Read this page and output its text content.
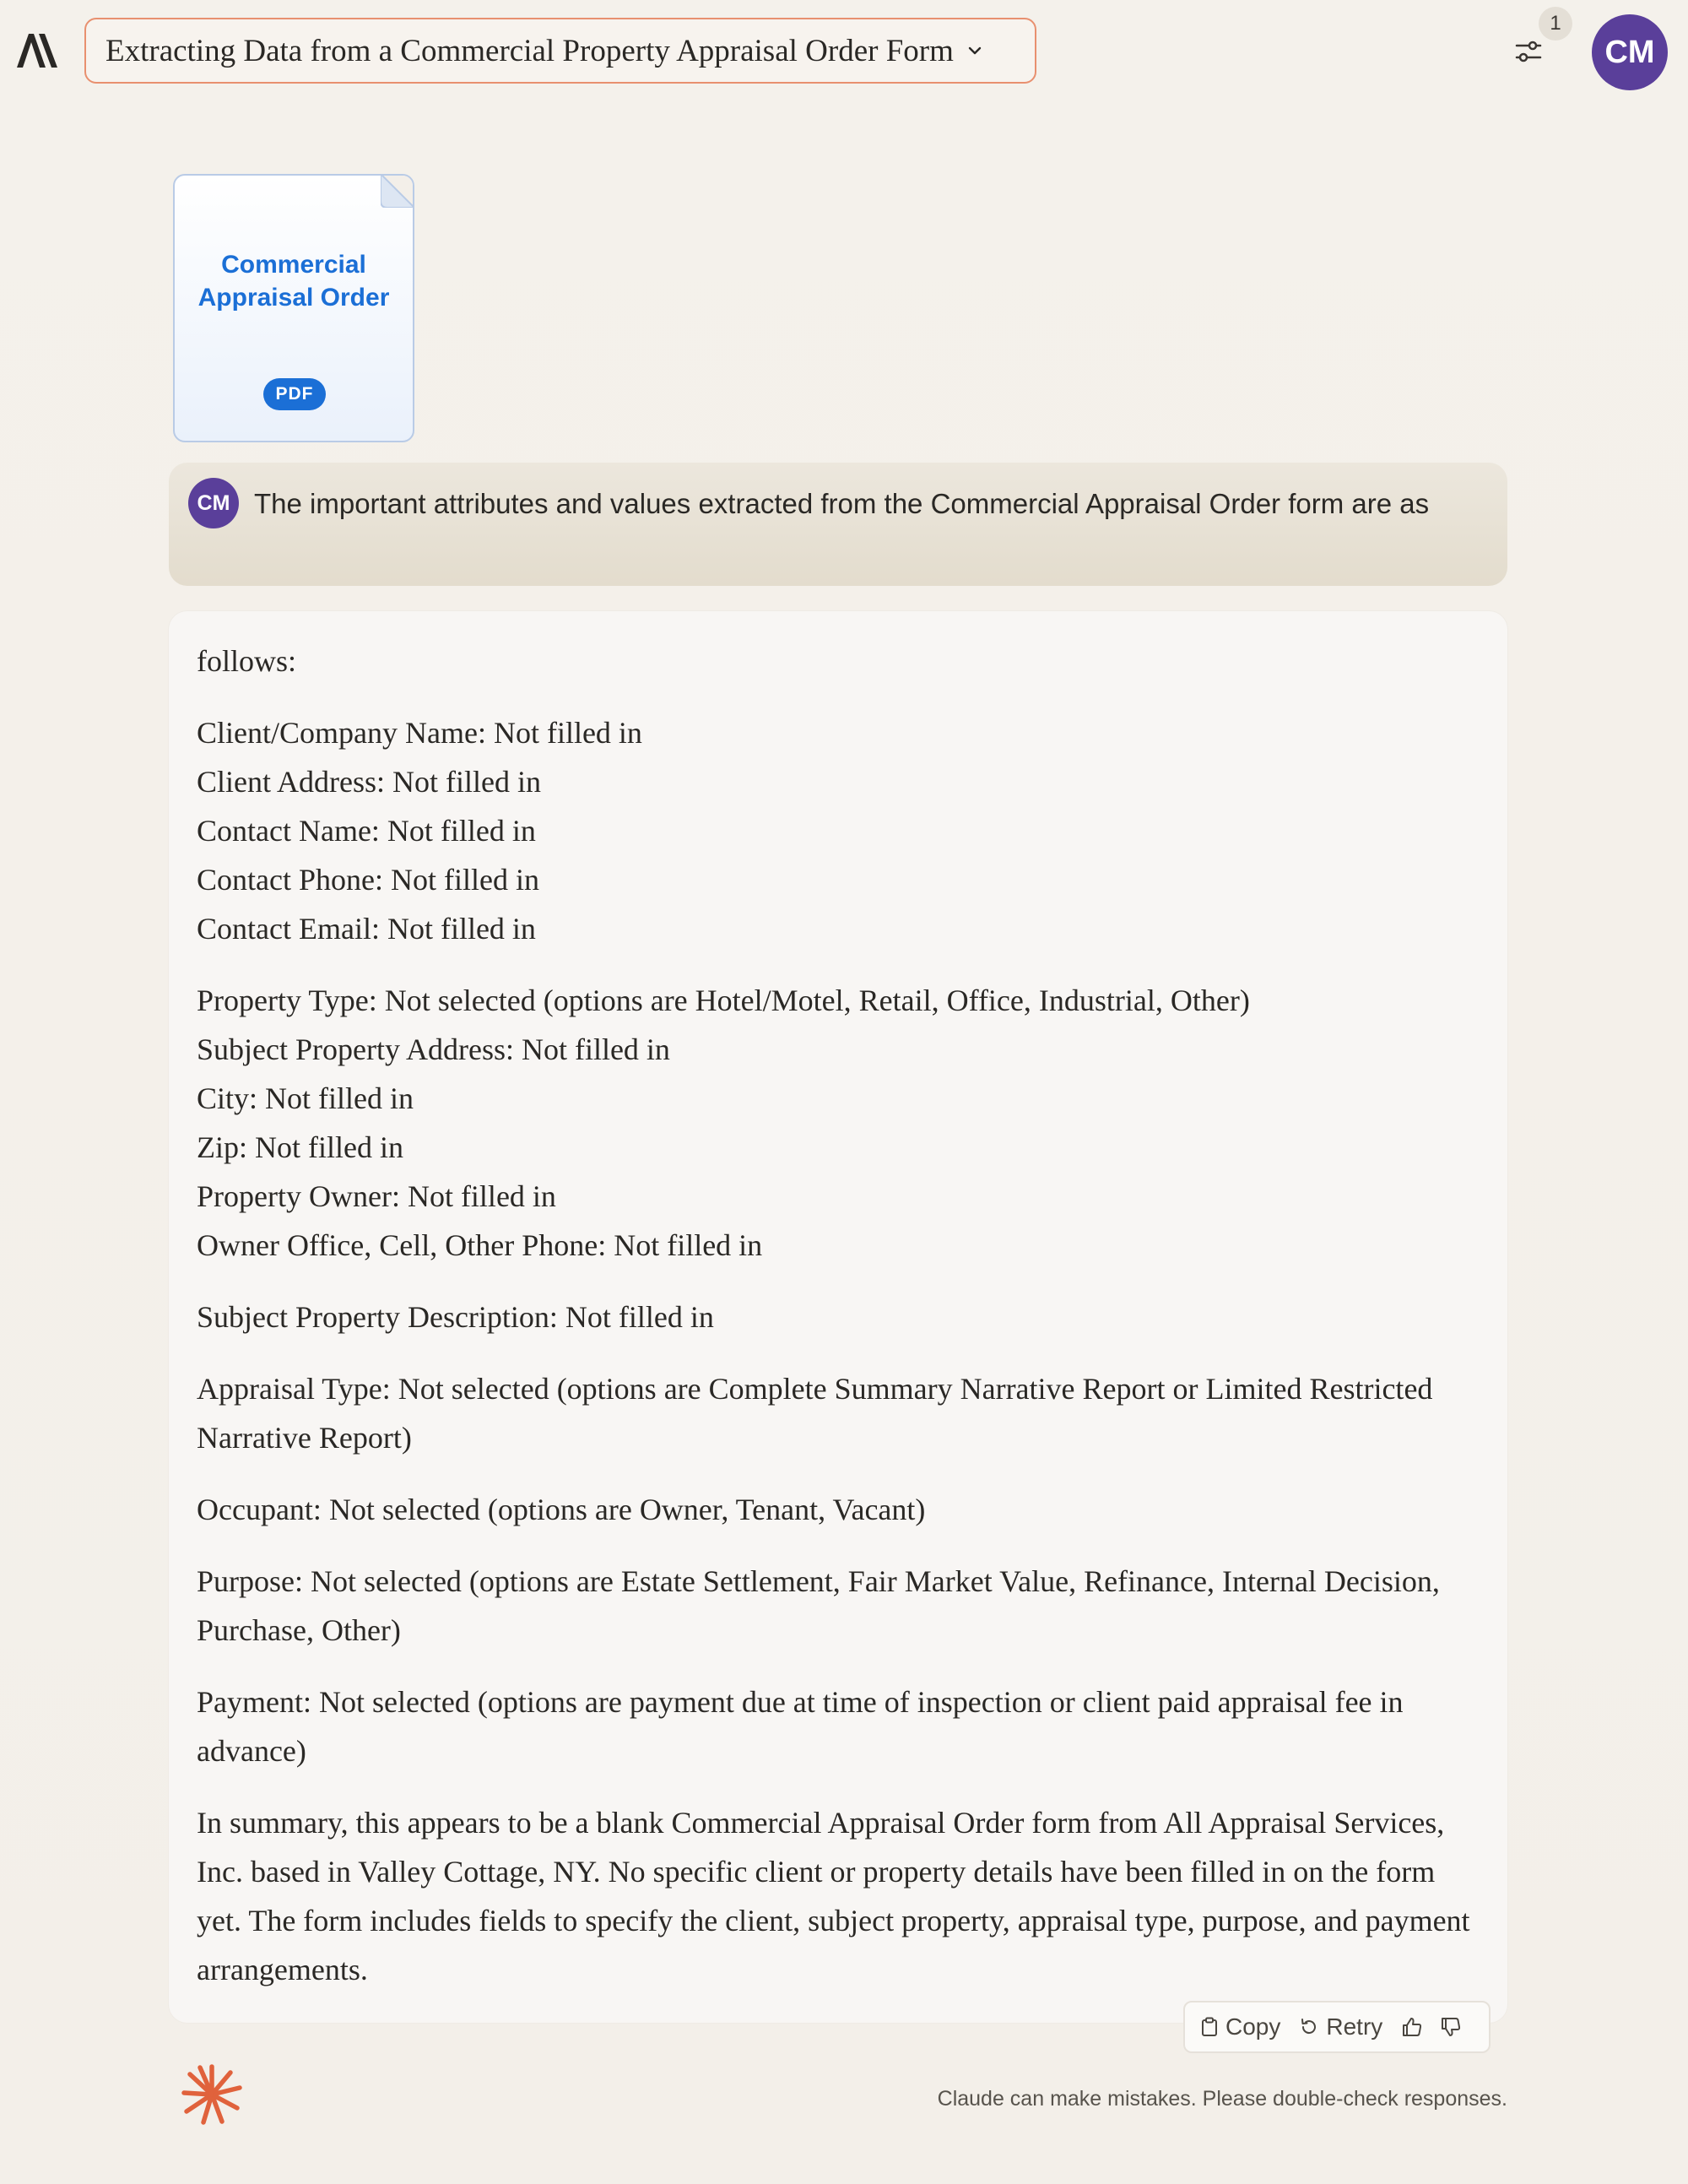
Extracting Data from a Commercial Property Appraisal Order Form
1
CM
Commercial Appraisal Order
PDF
CM The important attributes and values extracted from the Commercial Appraisal Order form are as

follows:

Client/Company Name: Not filled in
Client Address: Not filled in
Contact Name: Not filled in
Contact Phone: Not filled in
Contact Email: Not filled in

Property Type: Not selected (options are Hotel/Motel, Retail, Office, Industrial, Other)
Subject Property Address: Not filled in
City: Not filled in
Zip: Not filled in
Property Owner: Not filled in
Owner Office, Cell, Other Phone: Not filled in

Subject Property Description: Not filled in

Appraisal Type: Not selected (options are Complete Summary Narrative Report or Limited Restricted Narrative Report)

Occupant: Not selected (options are Owner, Tenant, Vacant)

Purpose: Not selected (options are Estate Settlement, Fair Market Value, Refinance, Internal Decision, Purchase, Other)

Payment: Not selected (options are payment due at time of inspection or client paid appraisal fee in advance)

In summary, this appears to be a blank Commercial Appraisal Order form from All Appraisal Services, Inc. based in Valley Cottage, NY. No specific client or property details have been filled in on the form yet. The form includes fields to specify the client, subject property, appraisal type, purpose, and payment arrangements.

Copy Retry
Claude can make mistakes. Please double-check responses.
